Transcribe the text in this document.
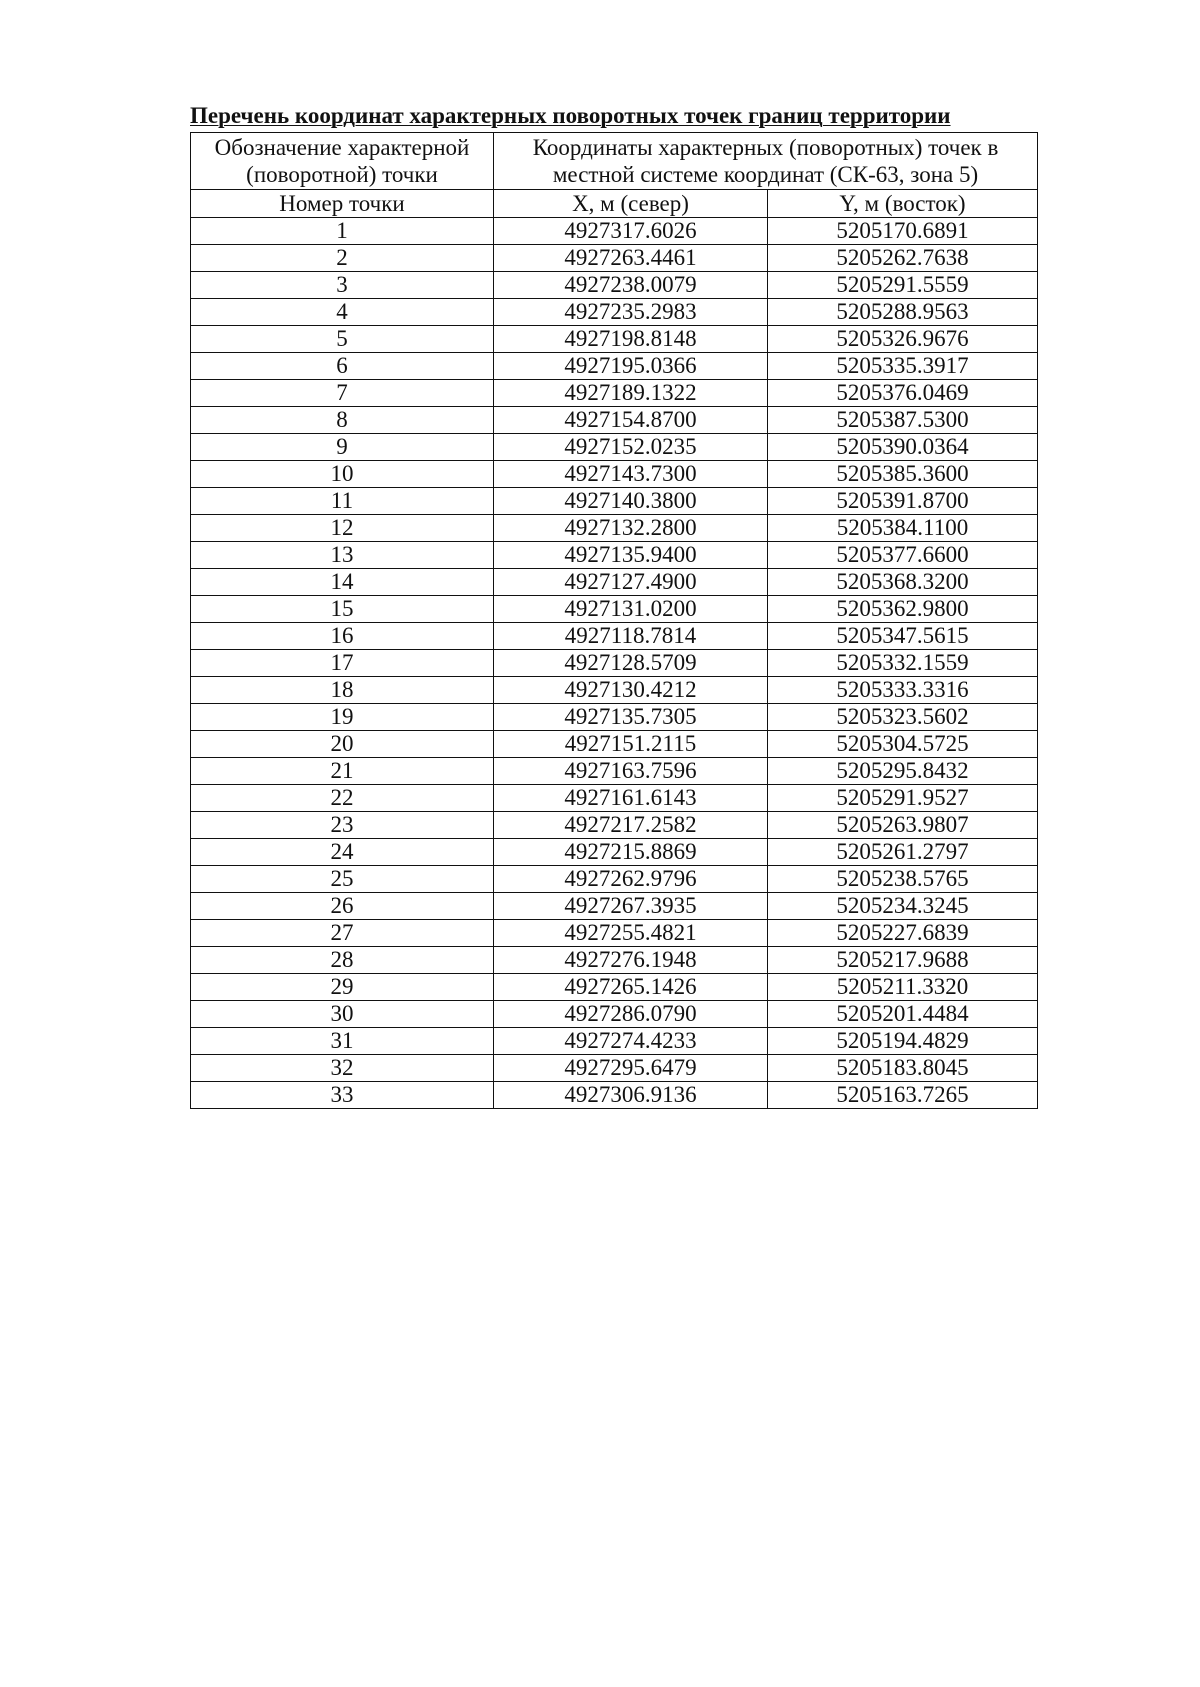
Перечень координат характерных поворотных точек границ территории
Обозначение характерной (поворотной) точки	Координаты характерных (поворотных) точек в местной системе координат (СК-63, зона 5)	
Номер точки	X, м (север)	Y, м (восток)
1	4927317.6026	5205170.6891
2	4927263.4461	5205262.7638
3	4927238.0079	5205291.5559
4	4927235.2983	5205288.9563
5	4927198.8148	5205326.9676
6	4927195.0366	5205335.3917
7	4927189.1322	5205376.0469
8	4927154.8700	5205387.5300
9	4927152.0235	5205390.0364
10	4927143.7300	5205385.3600
11	4927140.3800	5205391.8700
12	4927132.2800	5205384.1100
13	4927135.9400	5205377.6600
14	4927127.4900	5205368.3200
15	4927131.0200	5205362.9800
16	4927118.7814	5205347.5615
17	4927128.5709	5205332.1559
18	4927130.4212	5205333.3316
19	4927135.7305	5205323.5602
20	4927151.2115	5205304.5725
21	4927163.7596	5205295.8432
22	4927161.6143	5205291.9527
23	4927217.2582	5205263.9807
24	4927215.8869	5205261.2797
25	4927262.9796	5205238.5765
26	4927267.3935	5205234.3245
27	4927255.4821	5205227.6839
28	4927276.1948	5205217.9688
29	4927265.1426	5205211.3320
30	4927286.0790	5205201.4484
31	4927274.4233	5205194.4829
32	4927295.6479	5205183.8045
33	4927306.9136	5205163.7265
